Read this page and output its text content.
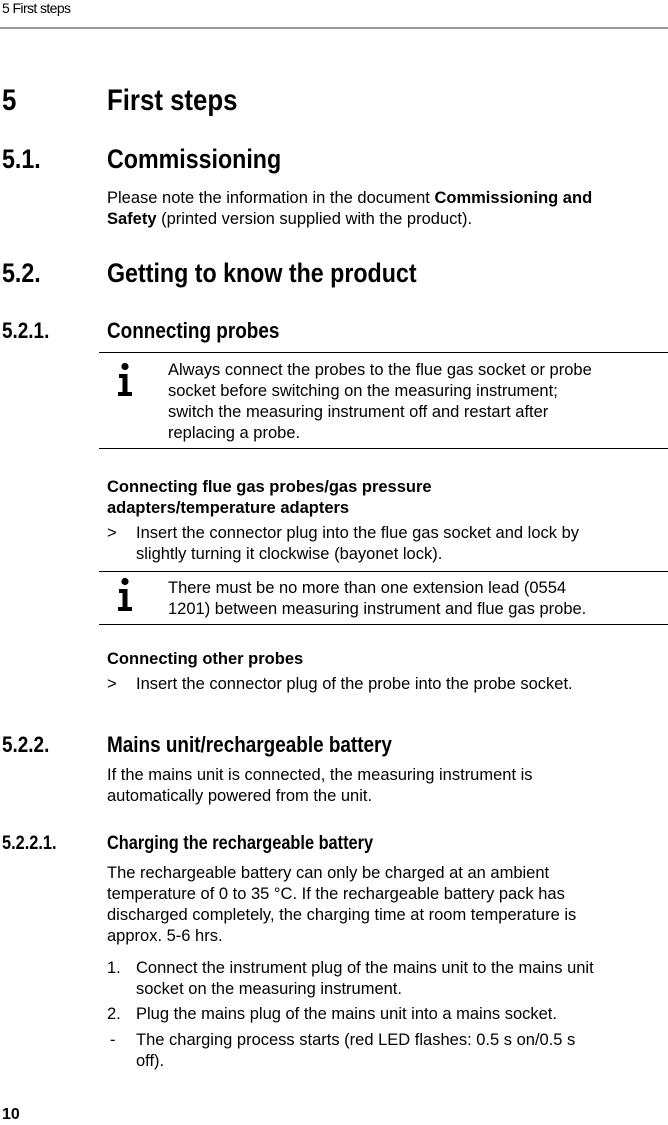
5 First steps
5	First steps
5.1. Commissioning
Please note the information in the document Commissioning and
Safety (printed version supplied with the product).
5.2. Getting to know the product
5.2.1.	Connecting probes
Always connect the probes to the flue gas socket or probe
socket before switching on the measuring instrument;
switch the measuring instrument off and restart after
replacing a probe.
Connecting flue gas probes/gas pressure
adapters/temperature adapters
> Insert the connector plug into the flue gas socket and lock by
slightly turning it clockwise (bayonet lock).
There must be no more than one extension lead (0554
1201) between measuring instrument and flue gas probe.
Connecting other probes
> Insert the connector plug of the probe into the probe socket.
5.2.2.	Mains unit/rechargeable battery
If the mains unit is connected, the measuring instrument is
automatically powered from the unit.
5.2.2.1.	Charging the rechargeable battery
The rechargeable battery can only be charged at an ambient
temperature of 0 to 35 °C. If the rechargeable battery pack has
discharged completely, the charging time at room temperature is
approx. 5-6 hrs.
1. Connect the instrument plug of the mains unit to the mains unit
socket on the measuring instrument.
2. Plug the mains plug of the mains unit into a mains socket.
- The charging process starts (red LED flashes: 0.5 s on/0.5 s
off).
10
